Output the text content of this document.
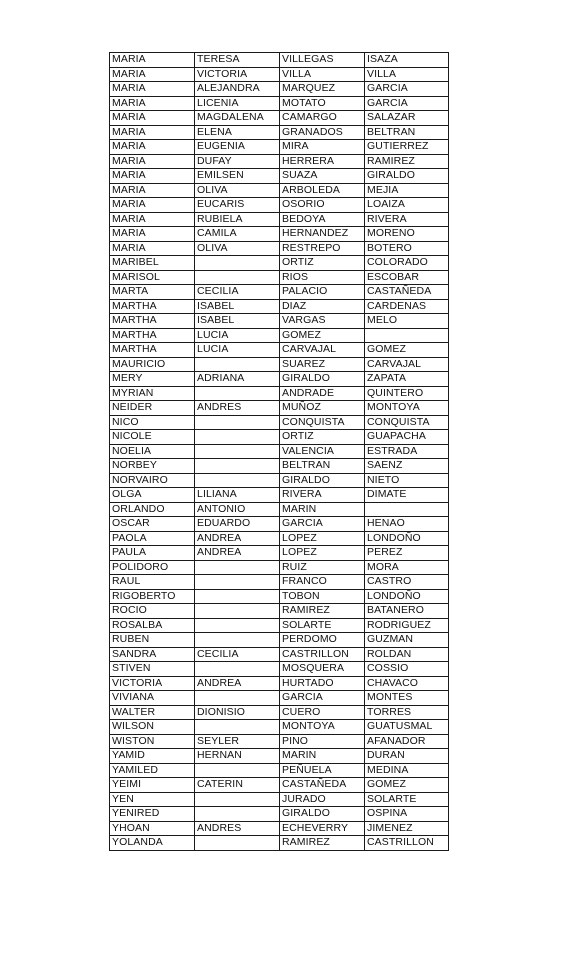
MARIA	TERESA	VILLEGAS	ISAZA
MARIA	VICTORIA	VILLA	VILLA
MARIA	ALEJANDRA	MARQUEZ	GARCIA
MARIA	LICENIA	MOTATO	GARCIA
MARIA	MAGDALENA	CAMARGO	SALAZAR
MARIA	ELENA	GRANADOS	BELTRAN
MARIA	EUGENIA	MIRA	GUTIERREZ
MARIA	DUFAY	HERRERA	RAMIREZ
MARIA	EMILSEN	SUAZA	GIRALDO
MARIA	OLIVA	ARBOLEDA	MEJIA
MARIA	EUCARIS	OSORIO	LOAIZA
MARIA	RUBIELA	BEDOYA	RIVERA
MARIA	CAMILA	HERNANDEZ	MORENO
MARIA	OLIVA	RESTREPO	BOTERO
MARIBEL		ORTIZ	COLORADO
MARISOL		RIOS	ESCOBAR
MARTA	CECILIA	PALACIO	CASTAÑEDA
MARTHA	ISABEL	DIAZ	CARDENAS
MARTHA	ISABEL	VARGAS	MELO
MARTHA	LUCIA	GOMEZ	
MARTHA	LUCIA	CARVAJAL	GOMEZ
MAURICIO		SUAREZ	CARVAJAL
MERY	ADRIANA	GIRALDO	ZAPATA
MYRIAN		ANDRADE	QUINTERO
NEIDER	ANDRES	MUÑOZ	MONTOYA
NICO		CONQUISTA	CONQUISTA
NICOLE		ORTIZ	GUAPACHA
NOELIA		VALENCIA	ESTRADA
NORBEY		BELTRAN	SAENZ
NORVAIRO		GIRALDO	NIETO
OLGA	LILIANA	RIVERA	DIMATE
ORLANDO	ANTONIO	MARIN	
OSCAR	EDUARDO	GARCIA	HENAO
PAOLA	ANDREA	LOPEZ	LONDOÑO
PAULA	ANDREA	LOPEZ	PEREZ
POLIDORO		RUIZ	MORA
RAUL		FRANCO	CASTRO
RIGOBERTO		TOBON	LONDOÑO
ROCIO		RAMIREZ	BATANERO
ROSALBA		SOLARTE	RODRIGUEZ
RUBEN		PERDOMO	GUZMAN
SANDRA	CECILIA	CASTRILLON	ROLDAN
STIVEN		MOSQUERA	COSSIO
VICTORIA	ANDREA	HURTADO	CHAVACO
VIVIANA		GARCIA	MONTES
WALTER	DIONISIO	CUERO	TORRES
WILSON		MONTOYA	GUATUSMAL
WISTON	SEYLER	PINO	AFANADOR
YAMID	HERNAN	MARIN	DURAN
YAMILED		PEÑUELA	MEDINA
YEIMI	CATERIN	CASTAÑEDA	GOMEZ
YEN		JURADO	SOLARTE
YENIRED		GIRALDO	OSPINA
YHOAN	ANDRES	ECHEVERRY	JIMENEZ
YOLANDA		RAMIREZ	CASTRILLON
